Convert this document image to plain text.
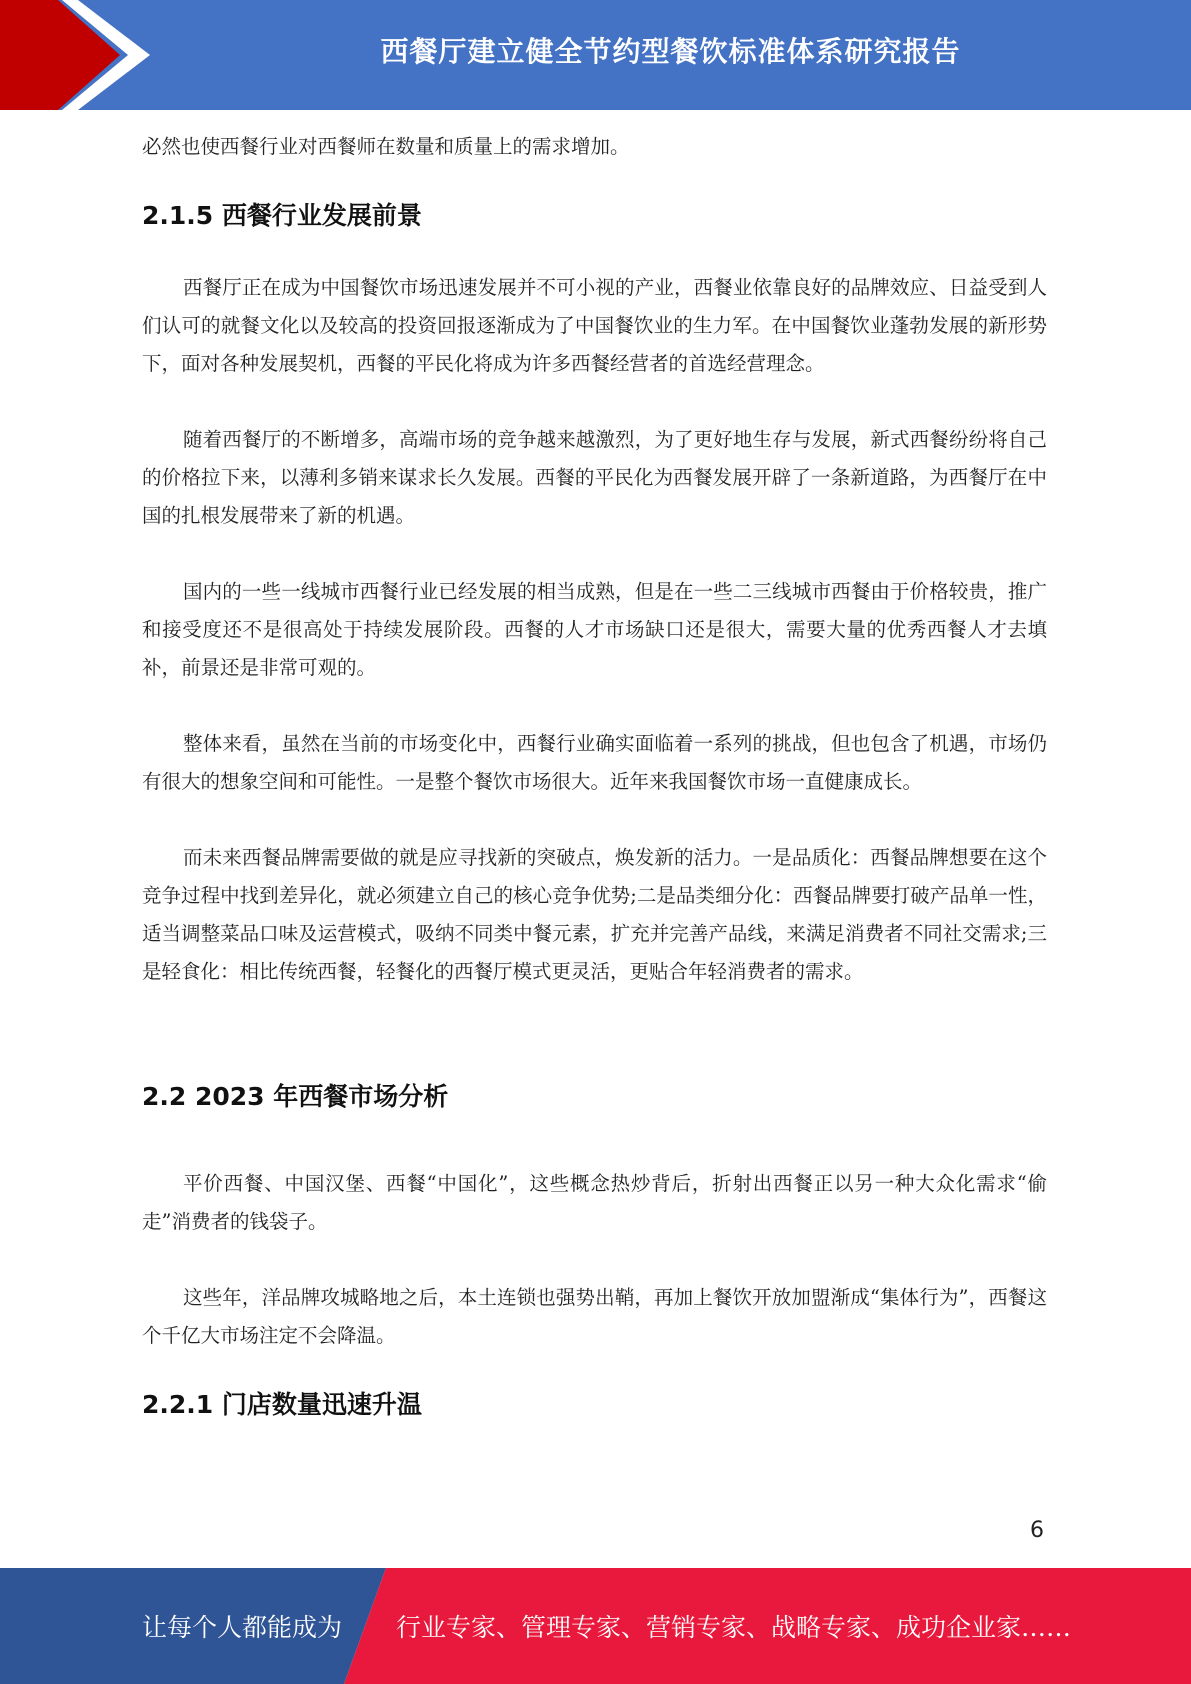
西餐厅建立健全节约型餐饮标准体系研究报告

必然也使西餐行业对西餐师在数量和质量上的需求增加。

2.1.5 西餐行业发展前景

西餐厅正在成为中国餐饮市场迅速发展并不可小视的产业，西餐业依靠良好的品牌效应、日益受到人们认可的就餐文化以及较高的投资回报逐渐成为了中国餐饮业的生力军。在中国餐饮业蓬勃发展的新形势下，面对各种发展契机，西餐的平民化将成为许多西餐经营者的首选经营理念。

随着西餐厅的不断增多，高端市场的竞争越来越激烈，为了更好地生存与发展，新式西餐纷纷将自己的价格拉下来，以薄利多销来谋求长久发展。西餐的平民化为西餐发展开辟了一条新道路，为西餐厅在中国的扎根发展带来了新的机遇。

国内的一些一线城市西餐行业已经发展的相当成熟，但是在一些二三线城市西餐由于价格较贵，推广和接受度还不是很高处于持续发展阶段。西餐的人才市场缺口还是很大，需要大量的优秀西餐人才去填补，前景还是非常可观的。

整体来看，虽然在当前的市场变化中，西餐行业确实面临着一系列的挑战，但也包含了机遇，市场仍有很大的想象空间和可能性。一是整个餐饮市场很大。近年来我国餐饮市场一直健康成长。

而未来西餐品牌需要做的就是应寻找新的突破点，焕发新的活力。一是品质化：西餐品牌想要在这个竞争过程中找到差异化，就必须建立自己的核心竞争优势;二是品类细分化：西餐品牌要打破产品单一性，适当调整菜品口味及运营模式，吸纳不同类中餐元素，扩充并完善产品线，来满足消费者不同社交需求;三是轻食化：相比传统西餐，轻餐化的西餐厅模式更灵活，更贴合年轻消费者的需求。

2.2 2023 年西餐市场分析

平价西餐、中国汉堡、西餐“中国化”，这些概念热炒背后，折射出西餐正以另一种大众化需求“偷走”消费者的钱袋子。

这些年，洋品牌攻城略地之后，本土连锁也强势出鞘，再加上餐饮开放加盟渐成“集体行为”，西餐这个千亿大市场注定不会降温。

2.2.1 门店数量迅速升温
6
让每个人都能成为 行业专家、管理专家、营销专家、战略专家、成功企业家……
